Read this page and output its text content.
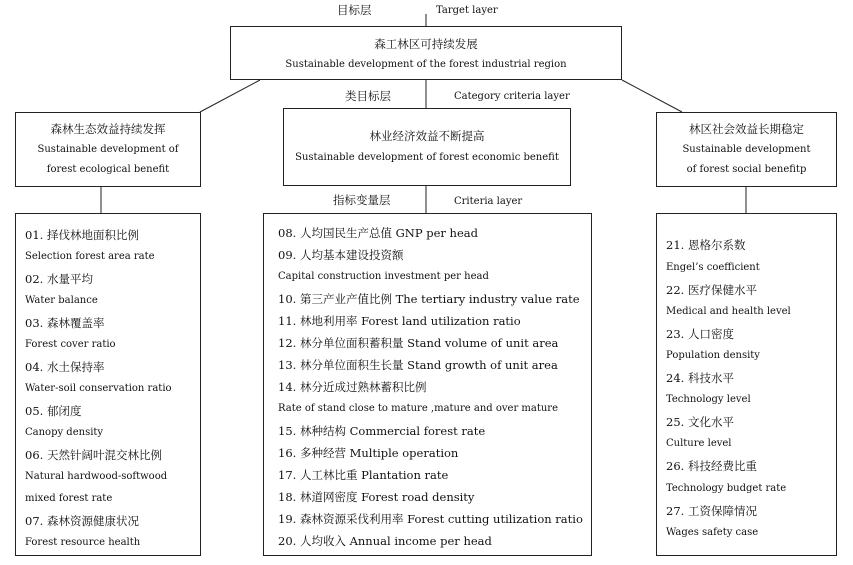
目标层	Target layer
类目标层	Category criteria layer
指标变量层	Criteria layer
森工林区可持续发展
Sustainable development of the forest industrial region
森林生态效益持续发挥
Sustainable development of
forest ecological benefit
林业经济效益不断提高
Sustainable development of forest economic benefit
林区社会效益长期稳定
Sustainable development
of forest social benefitp
01. 择伐林地面积比例
Selection forest area rate
02. 水量平均
Water balance
03. 森林覆盖率
Forest cover ratio
04. 水土保持率
Water-soil conservation ratio
05. 郁闭度
Canopy density
06. 天然针阔叶混交林比例
Natural hardwood-softwood
mixed forest rate
07. 森林资源健康状况
Forest resource health
08. 人均国民生产总值 GNP per head
09. 人均基本建设投资额
Capital construction investment per head
10. 第三产业产值比例 The tertiary industry value rate
11. 林地利用率 Forest land utilization ratio
12. 林分单位面积蓄积量 Stand volume of unit area
13. 林分单位面积生长量 Stand growth of unit area
14. 林分近成过熟林蓄积比例
Rate of stand close to mature ,mature and over mature
15. 林种结构 Commercial forest rate
16. 多种经营 Multiple operation
17. 人工林比重 Plantation rate
18. 林道网密度 Forest road density
19. 森林资源采伐利用率 Forest cutting utilization ratio
20. 人均收入 Annual income per head
21. 恩格尔系数
Engel’s coefficient
22. 医疗保健水平
Medical and health level
23. 人口密度
Population density
24. 科技水平
Technology level
25. 文化水平
Culture level
26. 科技经费比重
Technology budget rate
27. 工资保障情况
Wages safety case
